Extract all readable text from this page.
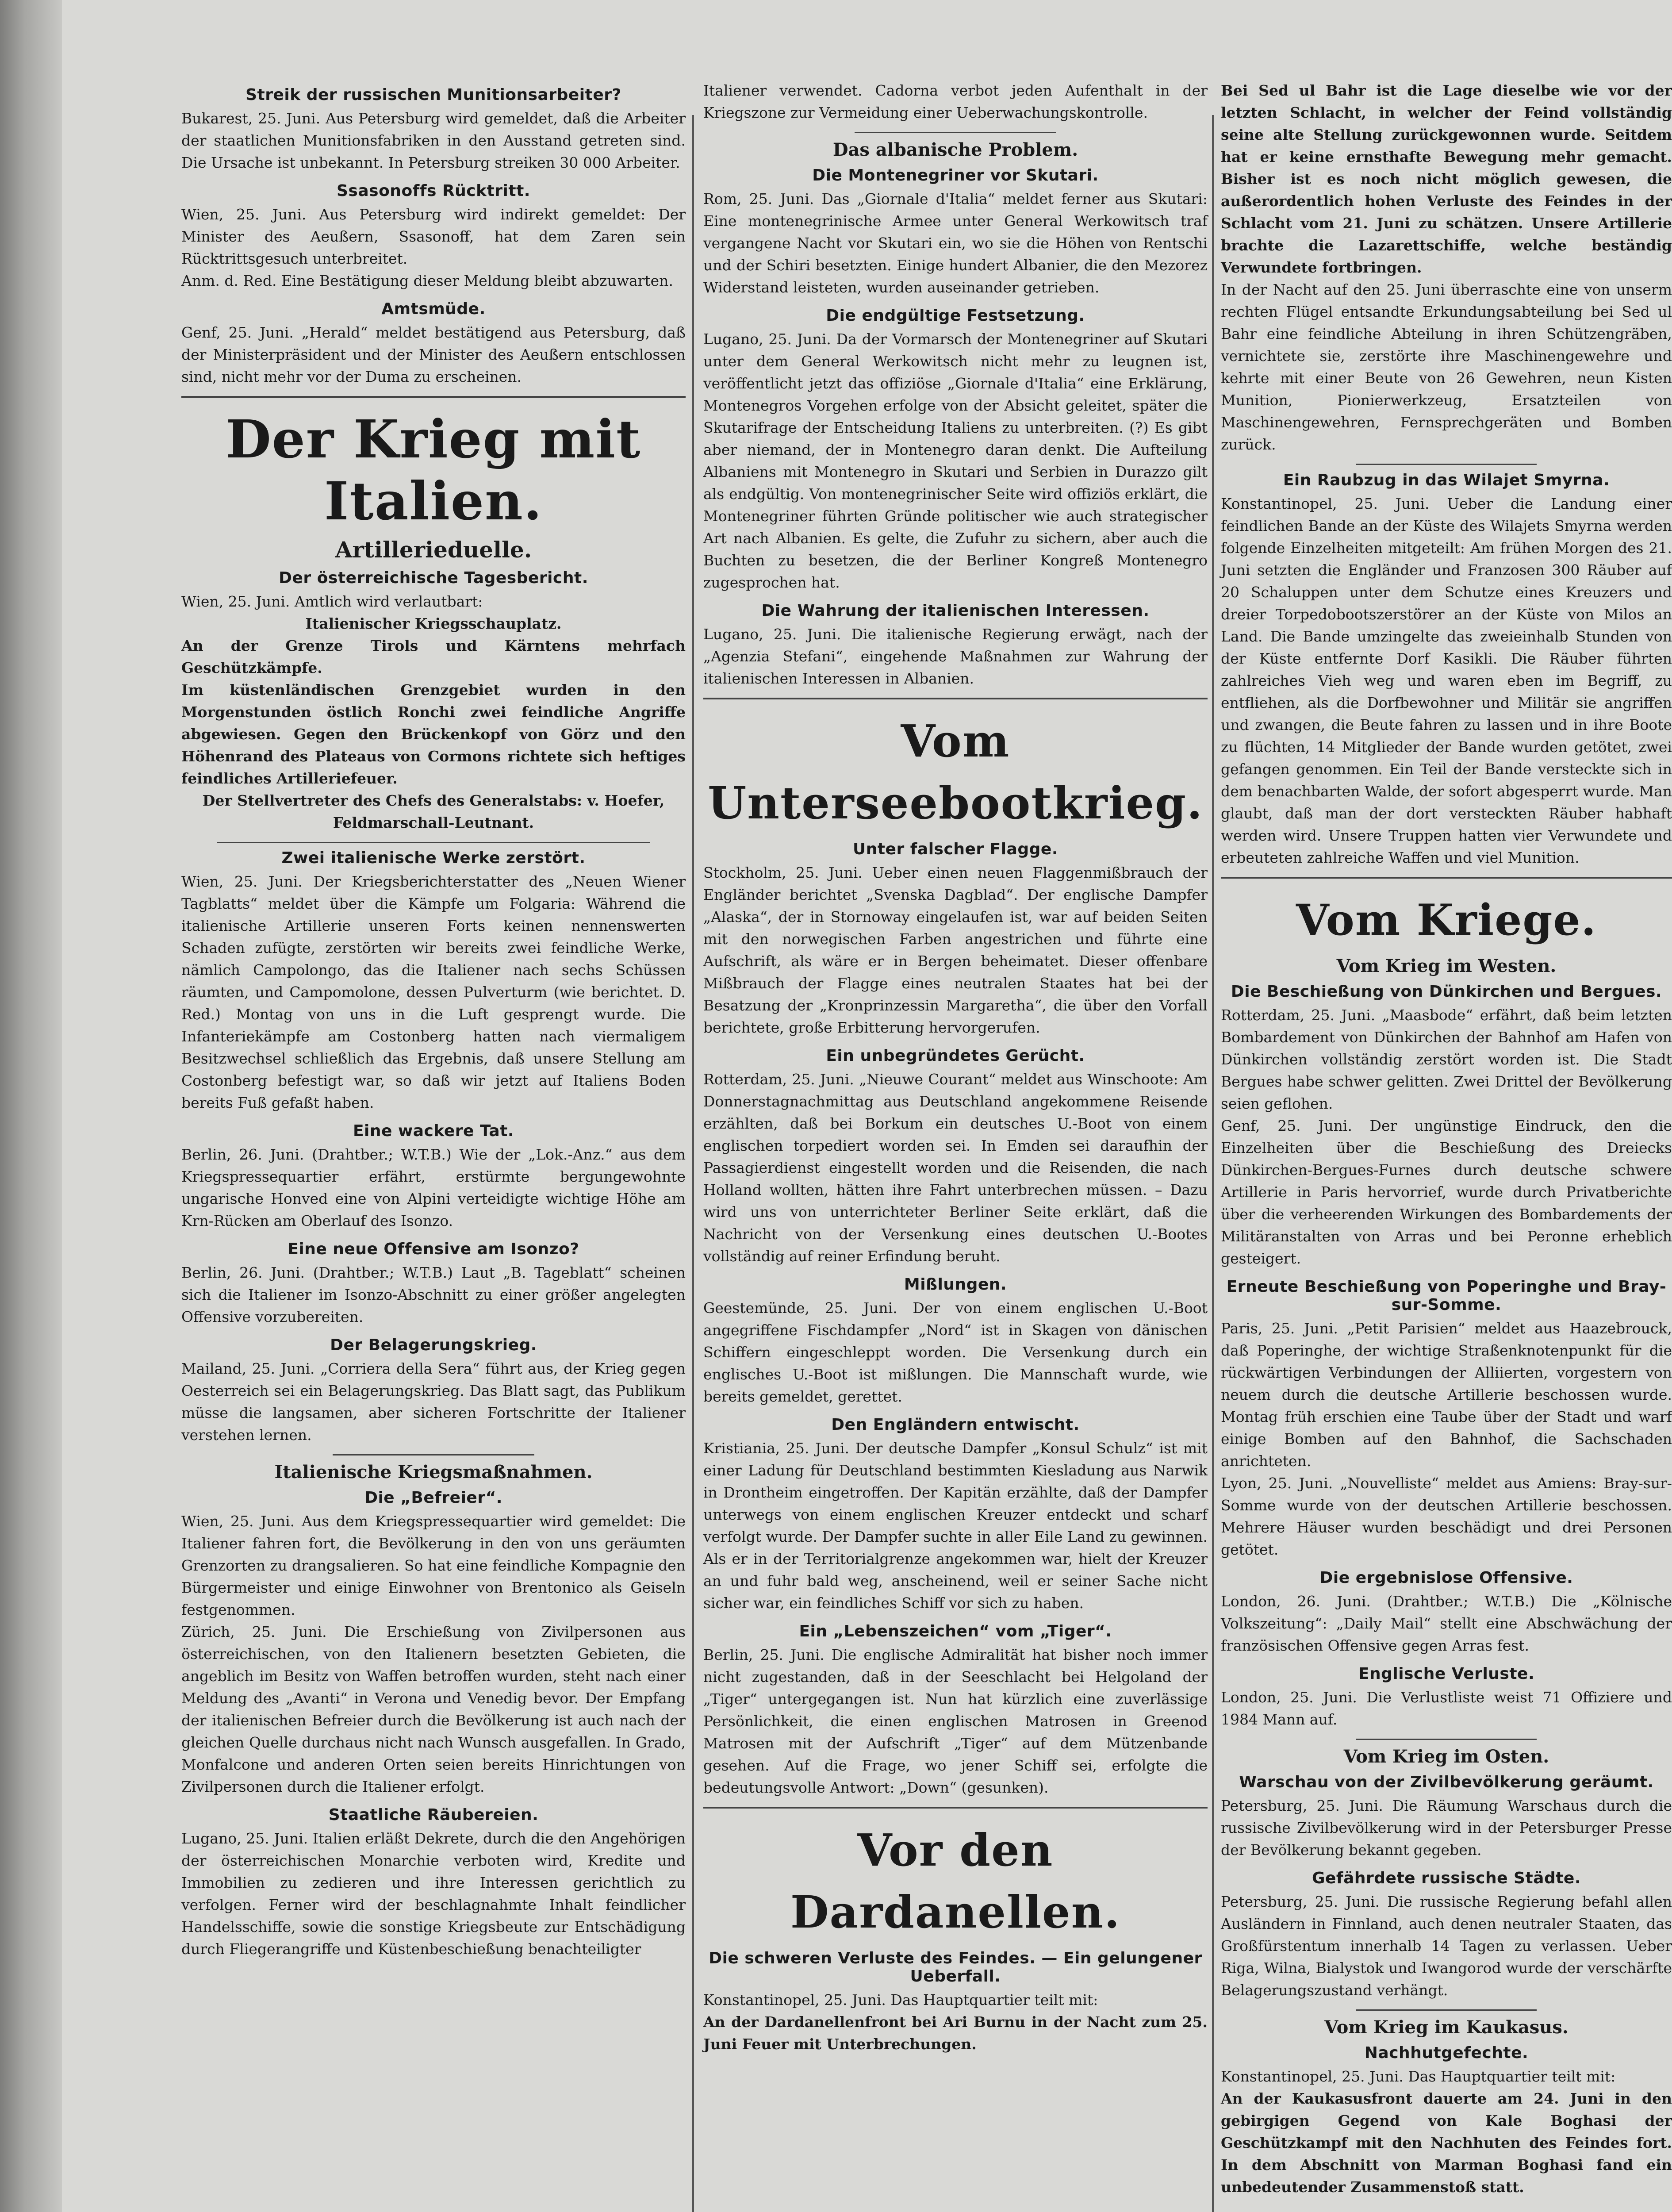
Streik der russischen Munitionsarbeiter?

Bukarest, 25. Juni. Aus Petersburg wird gemeldet, daß die Arbeiter der staatlichen Munitionsfabriken in den Ausstand getreten sind. Die Ursache ist unbekannt. In Petersburg streiken 30 000 Arbeiter.

Ssasonoffs Rücktritt.

Wien, 25. Juni. Aus Petersburg wird indirekt gemeldet: Der Minister des Aeußern, Ssasonoff, hat dem Zaren sein Rücktrittsgesuch unterbreitet.

Anm. d. Red. Eine Bestätigung dieser Meldung bleibt abzuwarten.

Amtsmüde.

Genf, 25. Juni. „Herald“ meldet bestätigend aus Petersburg, daß der Ministerpräsident und der Minister des Aeußern entschlossen sind, nicht mehr vor der Duma zu erscheinen.

Der Krieg mit Italien.
Artillerieduelle.
Der österreichische Tagesbericht.

Wien, 25. Juni. Amtlich wird verlautbart:

Italienischer Kriegsschauplatz.

An der Grenze Tirols und Kärntens mehrfach Geschützkämpfe.

Im küstenländischen Grenzgebiet wurden in den Morgenstunden östlich Ronchi zwei feindliche Angriffe abgewiesen. Gegen den Brückenkopf von Görz und den Höhenrand des Plateaus von Cormons richtete sich heftiges feindliches Artilleriefeuer.

Der Stellvertreter des Chefs des Generalstabs: v. Hoefer, Feldmarschall-Leutnant.

Zwei italienische Werke zerstört.

Wien, 25. Juni. Der Kriegsberichterstatter des „Neuen Wiener Tagblatts“ meldet über die Kämpfe um Folgaria: Während die italienische Artillerie unseren Forts keinen nennenswerten Schaden zufügte, zerstörten wir bereits zwei feindliche Werke, nämlich Campolongo, das die Italiener nach sechs Schüssen räumten, und Campomolone, dessen Pulverturm (wie berichtet. D. Red.) Montag von uns in die Luft gesprengt wurde. Die Infanteriekämpfe am Costonberg hatten nach viermaligem Besitzwechsel schließlich das Ergebnis, daß unsere Stellung am Costonberg befestigt war, so daß wir jetzt auf Italiens Boden bereits Fuß gefaßt haben.

Eine wackere Tat.

Berlin, 26. Juni. (Drahtber.; W.T.B.) Wie der „Lok.-Anz.“ aus dem Kriegspressequartier erfährt, erstürmte bergungewohnte ungarische Honved eine von Alpini verteidigte wichtige Höhe am Krn-Rücken am Oberlauf des Isonzo.

Eine neue Offensive am Isonzo?

Berlin, 26. Juni. (Drahtber.; W.T.B.) Laut „B. Tageblatt“ scheinen sich die Italiener im Isonzo-Abschnitt zu einer größer angelegten Offensive vorzubereiten.

Der Belagerungskrieg.

Mailand, 25. Juni. „Corriera della Sera“ führt aus, der Krieg gegen Oesterreich sei ein Belagerungskrieg. Das Blatt sagt, das Publikum müsse die langsamen, aber sicheren Fortschritte der Italiener verstehen lernen.

Italienische Kriegsmaßnahmen.
Die „Befreier“.

Wien, 25. Juni. Aus dem Kriegspressequartier wird gemeldet: Die Italiener fahren fort, die Bevölkerung in den von uns geräumten Grenzorten zu drangsalieren. So hat eine feindliche Kompagnie den Bürgermeister und einige Einwohner von Brentonico als Geiseln festgenommen.

Zürich, 25. Juni. Die Erschießung von Zivilpersonen aus österreichischen, von den Italienern besetzten Gebieten, die angeblich im Besitz von Waffen betroffen wurden, steht nach einer Meldung des „Avanti“ in Verona und Venedig bevor. Der Empfang der italienischen Befreier durch die Bevölkerung ist auch nach der gleichen Quelle durchaus nicht nach Wunsch ausgefallen. In Grado, Monfalcone und anderen Orten seien bereits Hinrichtungen von Zivilpersonen durch die Italiener erfolgt.

Staatliche Räubereien.

Lugano, 25. Juni. Italien erläßt Dekrete, durch die den Angehörigen der österreichischen Monarchie verboten wird, Kredite und Immobilien zu zedieren und ihre Interessen gerichtlich zu verfolgen. Ferner wird der beschlagnahmte Inhalt feindlicher Handelsschiffe, sowie die sonstige Kriegsbeute zur Entschädigung durch Fliegerangriffe und Küstenbeschießung benachteiligter

Italiener verwendet. Cadorna verbot jeden Aufenthalt in der Kriegszone zur Vermeidung einer Ueberwachungskontrolle.

Das albanische Problem.
Die Montenegriner vor Skutari.

Rom, 25. Juni. Das „Giornale d'Italia“ meldet ferner aus Skutari: Eine montenegrinische Armee unter General Werkowitsch traf vergangene Nacht vor Skutari ein, wo sie die Höhen von Rentschi und der Schiri besetzten. Einige hundert Albanier, die den Mezorez Widerstand leisteten, wurden auseinander getrieben.

Die endgültige Festsetzung.

Lugano, 25. Juni. Da der Vormarsch der Montenegriner auf Skutari unter dem General Werkowitsch nicht mehr zu leugnen ist, veröffentlicht jetzt das offiziöse „Giornale d'Italia“ eine Erklärung, Montenegros Vorgehen erfolge von der Absicht geleitet, später die Skutarifrage der Entscheidung Italiens zu unterbreiten. (?) Es gibt aber niemand, der in Montenegro daran denkt. Die Aufteilung Albaniens mit Montenegro in Skutari und Serbien in Durazzo gilt als endgültig. Von montenegrinischer Seite wird offiziös erklärt, die Montenegriner führten Gründe politischer wie auch strategischer Art nach Albanien. Es gelte, die Zufuhr zu sichern, aber auch die Buchten zu besetzen, die der Berliner Kongreß Montenegro zugesprochen hat.

Die Wahrung der italienischen Interessen.

Lugano, 25. Juni. Die italienische Regierung erwägt, nach der „Agenzia Stefani“, eingehende Maßnahmen zur Wahrung der italienischen Interessen in Albanien.

Vom Unterseebootkrieg.
Unter falscher Flagge.

Stockholm, 25. Juni. Ueber einen neuen Flaggenmißbrauch der Engländer berichtet „Svenska Dagblad“. Der englische Dampfer „Alaska“, der in Stornoway eingelaufen ist, war auf beiden Seiten mit den norwegischen Farben angestrichen und führte eine Aufschrift, als wäre er in Bergen beheimatet. Dieser offenbare Mißbrauch der Flagge eines neutralen Staates hat bei der Besatzung der „Kronprinzessin Margaretha“, die über den Vorfall berichtete, große Erbitterung hervorgerufen.

Ein unbegründetes Gerücht.

Rotterdam, 25. Juni. „Nieuwe Courant“ meldet aus Winschoote: Am Donnerstagnachmittag aus Deutschland angekommene Reisende erzählten, daß bei Borkum ein deutsches U.-Boot von einem englischen torpediert worden sei. In Emden sei daraufhin der Passagierdienst eingestellt worden und die Reisenden, die nach Holland wollten, hätten ihre Fahrt unterbrechen müssen. – Dazu wird uns von unterrichteter Berliner Seite erklärt, daß die Nachricht von der Versenkung eines deutschen U.-Bootes vollständig auf reiner Erfindung beruht.

Mißlungen.

Geestemünde, 25. Juni. Der von einem englischen U.-Boot angegriffene Fischdampfer „Nord“ ist in Skagen von dänischen Schiffern eingeschleppt worden. Die Versenkung durch ein englisches U.-Boot ist mißlungen. Die Mannschaft wurde, wie bereits gemeldet, gerettet.

Den Engländern entwischt.

Kristiania, 25. Juni. Der deutsche Dampfer „Konsul Schulz“ ist mit einer Ladung für Deutschland bestimmten Kiesladung aus Narwik in Drontheim eingetroffen. Der Kapitän erzählte, daß der Dampfer unterwegs von einem englischen Kreuzer entdeckt und scharf verfolgt wurde. Der Dampfer suchte in aller Eile Land zu gewinnen. Als er in der Territorialgrenze angekommen war, hielt der Kreuzer an und fuhr bald weg, anscheinend, weil er seiner Sache nicht sicher war, ein feindliches Schiff vor sich zu haben.

Ein „Lebenszeichen“ vom „Tiger“.

Berlin, 25. Juni. Die englische Admiralität hat bisher noch immer nicht zugestanden, daß in der Seeschlacht bei Helgoland der „Tiger“ untergegangen ist. Nun hat kürzlich eine zuverlässige Persönlichkeit, die einen englischen Matrosen in Greenod Matrosen mit der Aufschrift „Tiger“ auf dem Mützenbande gesehen. Auf die Frage, wo jener Schiff sei, erfolgte die bedeutungsvolle Antwort: „Down“ (gesunken).

Vor den Dardanellen.
Die schweren Verluste des Feindes. — Ein gelungener Ueberfall.

Konstantinopel, 25. Juni. Das Hauptquartier teilt mit:

An der Dardanellenfront bei Ari Burnu in der Nacht zum 25. Juni Feuer mit Unterbrechungen.

Bei Sed ul Bahr ist die Lage dieselbe wie vor der letzten Schlacht, in welcher der Feind vollständig seine alte Stellung zurückgewonnen wurde. Seitdem hat er keine ernsthafte Bewegung mehr gemacht. Bisher ist es noch nicht möglich gewesen, die außerordentlich hohen Verluste des Feindes in der Schlacht vom 21. Juni zu schätzen. Unsere Artillerie brachte die Lazarettschiffe, welche beständig Verwundete fortbringen.

In der Nacht auf den 25. Juni überraschte eine von unserm rechten Flügel entsandte Erkundungsabteilung bei Sed ul Bahr eine feindliche Abteilung in ihren Schützengräben, vernichtete sie, zerstörte ihre Maschinengewehre und kehrte mit einer Beute von 26 Gewehren, neun Kisten Munition, Pionierwerkzeug, Ersatzteilen von Maschinengewehren, Fernsprechgeräten und Bomben zurück.

Ein Raubzug in das Wilajet Smyrna.

Konstantinopel, 25. Juni. Ueber die Landung einer feindlichen Bande an der Küste des Wilajets Smyrna werden folgende Einzelheiten mitgeteilt: Am frühen Morgen des 21. Juni setzten die Engländer und Franzosen 300 Räuber auf 20 Schaluppen unter dem Schutze eines Kreuzers und dreier Torpedobootszerstörer an der Küste von Milos an Land. Die Bande umzingelte das zweieinhalb Stunden von der Küste entfernte Dorf Kasikli. Die Räuber führten zahlreiches Vieh weg und waren eben im Begriff, zu entfliehen, als die Dorfbewohner und Militär sie angriffen und zwangen, die Beute fahren zu lassen und in ihre Boote zu flüchten, 14 Mitglieder der Bande wurden getötet, zwei gefangen genommen. Ein Teil der Bande versteckte sich in dem benachbarten Walde, der sofort abgesperrt wurde. Man glaubt, daß man der dort versteckten Räuber habhaft werden wird. Unsere Truppen hatten vier Verwundete und erbeuteten zahlreiche Waffen und viel Munition.

Vom Kriege.
Vom Krieg im Westen.
Die Beschießung von Dünkirchen und Bergues.

Rotterdam, 25. Juni. „Maasbode“ erfährt, daß beim letzten Bombardement von Dünkirchen der Bahnhof am Hafen von Dünkirchen vollständig zerstört worden ist. Die Stadt Bergues habe schwer gelitten. Zwei Drittel der Bevölkerung seien geflohen.

Genf, 25. Juni. Der ungünstige Eindruck, den die Einzelheiten über die Beschießung des Dreiecks Dünkirchen-Bergues-Furnes durch deutsche schwere Artillerie in Paris hervorrief, wurde durch Privatberichte über die verheerenden Wirkungen des Bombardements der Militäranstalten von Arras und bei Peronne erheblich gesteigert.

Erneute Beschießung von Poperinghe und Bray-sur-Somme.

Paris, 25. Juni. „Petit Parisien“ meldet aus Haazebrouck, daß Poperinghe, der wichtige Straßenknotenpunkt für die rückwärtigen Verbindungen der Alliierten, vorgestern von neuem durch die deutsche Artillerie beschossen wurde. Montag früh erschien eine Taube über der Stadt und warf einige Bomben auf den Bahnhof, die Sachschaden anrichteten.

Lyon, 25. Juni. „Nouvelliste“ meldet aus Amiens: Bray-sur-Somme wurde von der deutschen Artillerie beschossen. Mehrere Häuser wurden beschädigt und drei Personen getötet.

Die ergebnislose Offensive.

London, 26. Juni. (Drahtber.; W.T.B.) Die „Kölnische Volkszeitung“: „Daily Mail“ stellt eine Abschwächung der französischen Offensive gegen Arras fest.

Englische Verluste.

London, 25. Juni. Die Verlustliste weist 71 Offiziere und 1984 Mann auf.

Vom Krieg im Osten.
Warschau von der Zivilbevölkerung geräumt.

Petersburg, 25. Juni. Die Räumung Warschaus durch die russische Zivilbevölkerung wird in der Petersburger Presse der Bevölkerung bekannt gegeben.

Gefährdete russische Städte.

Petersburg, 25. Juni. Die russische Regierung befahl allen Ausländern in Finnland, auch denen neutraler Staaten, das Großfürstentum innerhalb 14 Tagen zu verlassen. Ueber Riga, Wilna, Bialystok und Iwangorod wurde der verschärfte Belagerungszustand verhängt.

Vom Krieg im Kaukasus.
Nachhutgefechte.

Konstantinopel, 25. Juni. Das Hauptquartier teilt mit:

An der Kaukasusfront dauerte am 24. Juni in den gebirgigen Gegend von Kale Boghasi der Geschützkampf mit den Nachhuten des Feindes fort. In dem Abschnitt von Marman Boghasi fand ein unbedeutender Zusammenstoß statt.
